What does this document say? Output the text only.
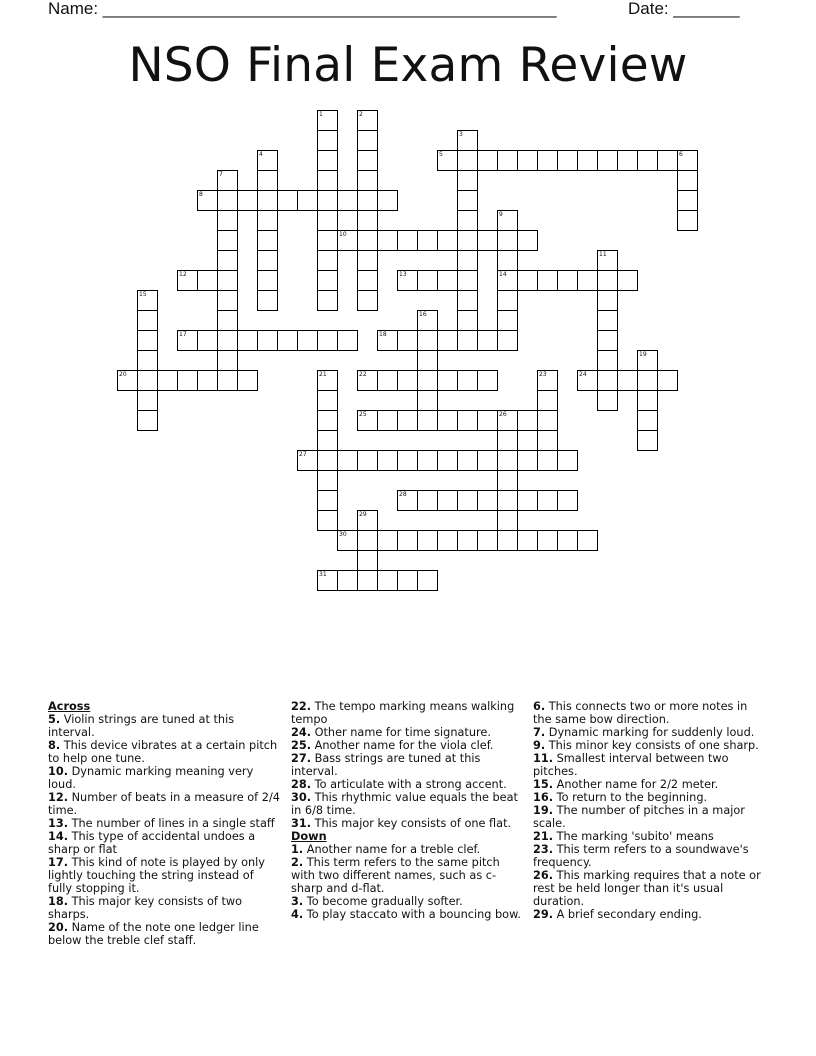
Name: ________________________________________________	Date: _______
NSO Final Exam Review
1	2
3
4	5	6
7
8
9
14
10
11
12	13
15
16
17	18
19
20	21	22	23	24
25	26
27
28
29
30
31
Across
5. Violin strings are tuned at this interval.
8. This device vibrates at a certain pitch to help one tune.
10. Dynamic marking meaning very loud.
12. Number of beats in a measure of 2/4 time.
13. The number of lines in a single staff
14. This type of accidental undoes a sharp or flat
17. This kind of note is played by only lightly touching the string instead of fully stopping it.
18. This major key consists of two sharps.
20. Name of the note one ledger line below the treble clef staff.
22. The tempo marking means walking tempo
24. Other name for time signature.
25. Another name for the viola clef.
27. Bass strings are tuned at this interval.
28. To articulate with a strong accent.
30. This rhythmic value equals the beat in 6/8 time.
31. This major key consists of one flat.
Down
1. Another name for a treble clef.
2. This term refers to the same pitch with two different names, such as c-sharp and d-flat.
3. To become gradually softer.
4. To play staccato with a bouncing bow.
6. This connects two or more notes in the same bow direction.
7. Dynamic marking for suddenly loud.
9. This minor key consists of one sharp.
11. Smallest interval between two pitches.
15. Another name for 2/2 meter.
16. To return to the beginning.
19. The number of pitches in a major scale.
21. The marking 'subito' means
23. This term refers to a soundwave's frequency.
26. This marking requires that a note or rest be held longer than it's usual duration.
29. A brief secondary ending.
